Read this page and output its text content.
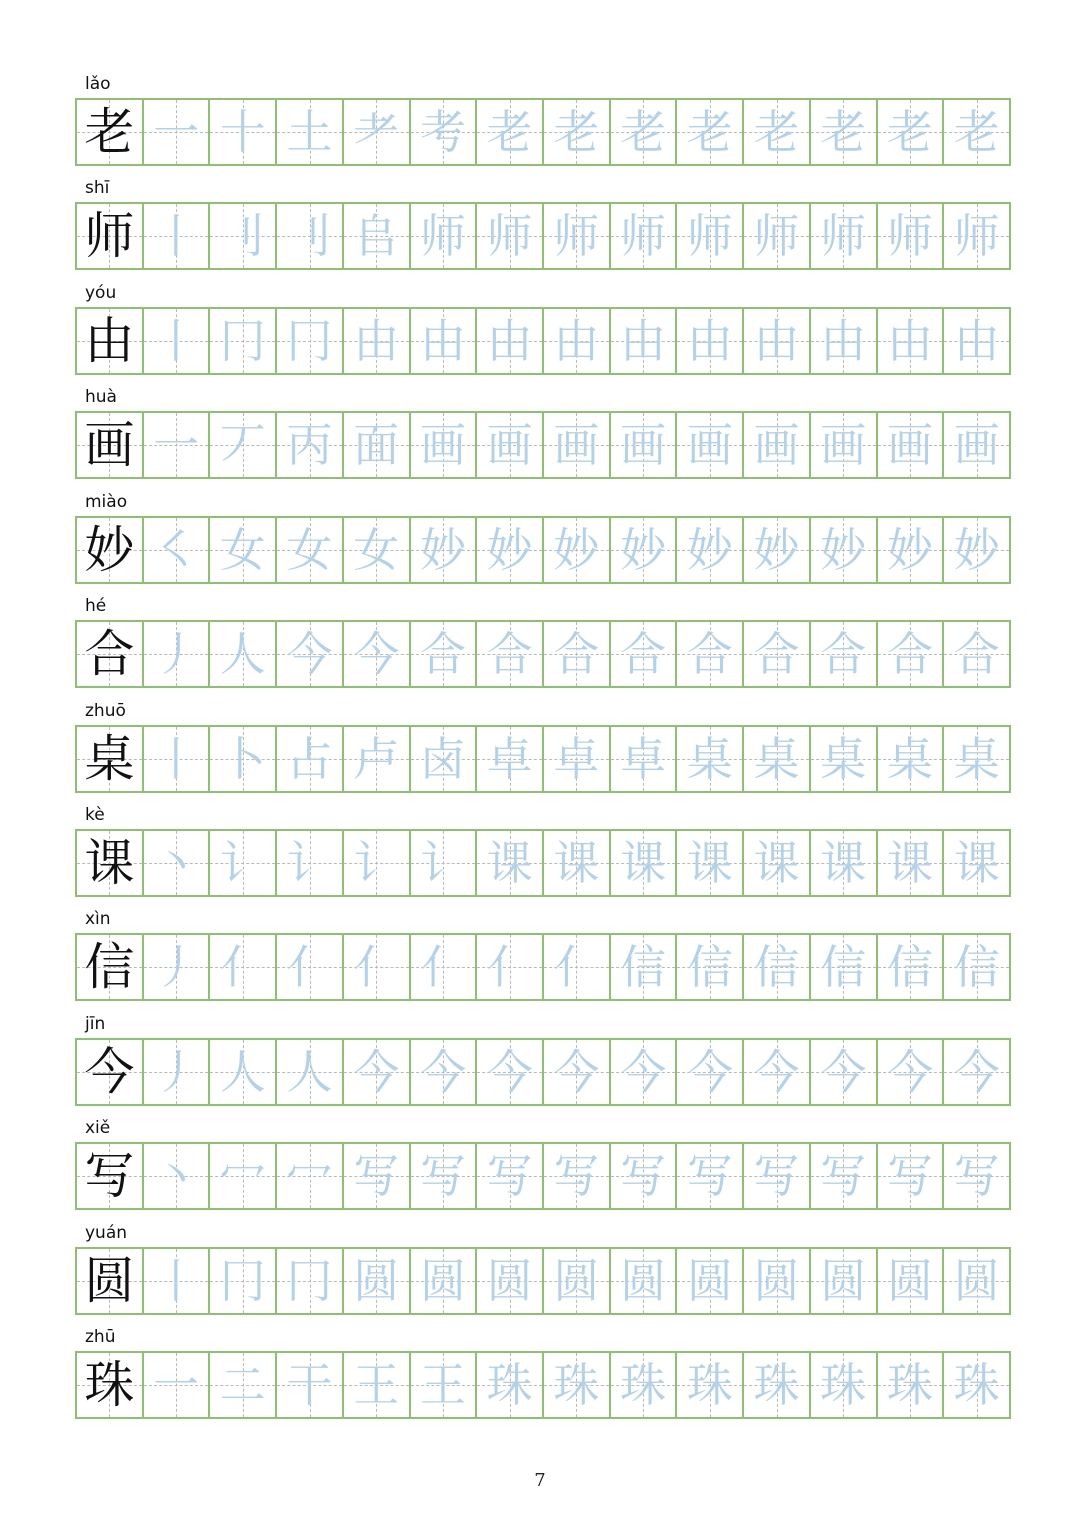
lǎo
老 一 十 土 耂 考 老 老 老 老 老 老 老 老
shī
师 丨 刂 刂 𠂤 师 师 师 师 师 师 师 师 师
yóu
由 丨 冂 冂 由 由 由 由 由 由 由 由 由 由
huà
画 一 丆 丙 面 画 画 画 画 画 画 画 画 画
miào
妙 ㇛ 女 女 女 妙 妙 妙 妙 妙 妙 妙 妙 妙
hé
合 丿 人 今 今 合 合 合 合 合 合 合 合 合
zhuō
桌 丨 卜 占 卢 卤 卓 卓 卓 桌 桌 桌 桌 桌
kè
课 丶 讠 讠 讠 讠 课 课 课 课 课 课 课 课
xìn
信 丿 亻 亻 亻 亻 亻 亻 信 信 信 信 信 信
jīn
今 丿 人 人 今 今 今 今 今 今 今 今 今 今
xiě
写 丶 冖 冖 写 写 写 写 写 写 写 写 写 写
yuán
圆 丨 冂 冂 圆 圆 圆 圆 圆 圆 圆 圆 圆 圆
zhū
珠 一 二 干 王 王 珠 珠 珠 珠 珠 珠 珠 珠
7
